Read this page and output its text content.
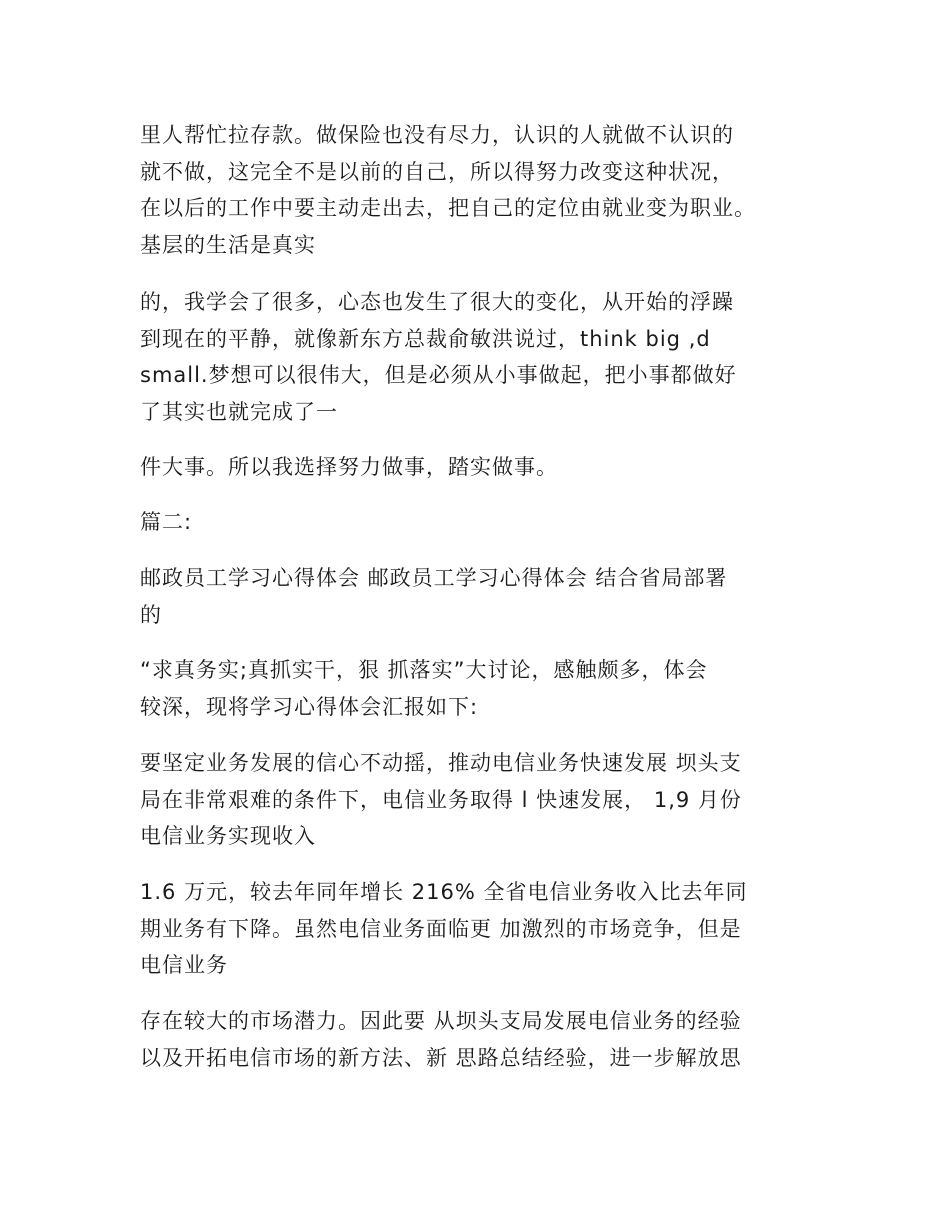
里人帮忙拉存款。做保险也没有尽力，认识的人就做不认识的
就不做，这完全不是以前的自己，所以得努力改变这种状况，
在以后的工作中要主动走出去，把自己的定位由就业变为职业。
基层的生活是真实
的，我学会了很多，心态也发生了很大的变化，从开始的浮躁
到现在的平静，就像新东方总裁俞敏洪说过，think big ,d
small.梦想可以很伟大，但是必须从小事做起，把小事都做好
了其实也就完成了一
件大事。所以我选择努力做事，踏实做事。
篇二:
邮政员工学习心得体会 邮政员工学习心得体会 结合省局部署
的
“求真务实;真抓实干，狠 抓落实”大讨论，感触颇多，体会
较深，现将学习心得体会汇报如下:
要坚定业务发展的信心不动摇，推动电信业务快速发展 坝头支
局在非常艰难的条件下，电信业务取得 l 快速发展， 1,9 月份
电信业务实现收入
1.6 万元，较去年同年增长 216% 全省电信业务收入比去年同
期业务有下降。虽然电信业务面临更 加激烈的市场竞争，但是
电信业务
存在较大的市场潜力。因此要 从坝头支局发展电信业务的经验
以及开拓电信市场的新方法、新 思路总结经验，进一步解放思
